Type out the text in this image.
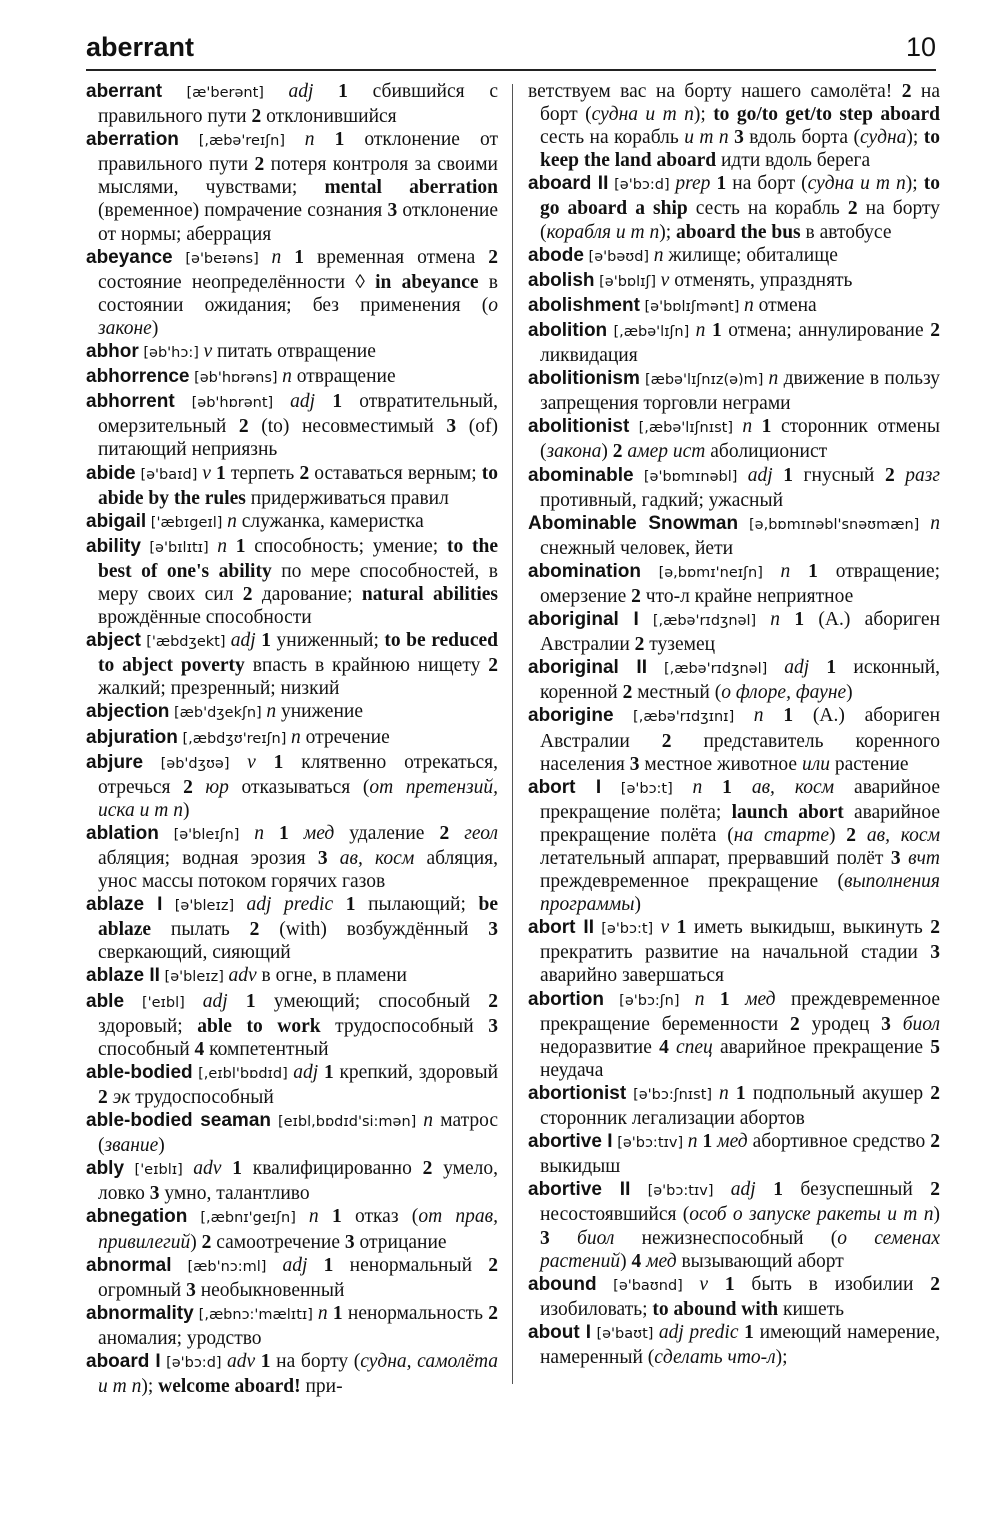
aberrant	10
aberrant [æ'berənt] adj 1 сбившийся с правильного пути 2 отклонившийся
aberration [,æbə'reɪʃn] n 1 отклонение от правильного пути 2 потеря контроля за своими мыслями, чувствами; mental aberration (временное) помрачение сознания 3 отклонение от нормы; аберрация
abeyance [ə'beɪəns] n 1 временная отмена 2 состояние неопределённости ◊ in abeyance в состоянии ожидания; без применения (о законе)
abhor [əb'hɔ:] v питать отвращение
abhorrence [əb'hɒrəns] n отвращение
abhorrent [əb'hɒrənt] adj 1 отвратительный, омерзительный 2 (to) несовместимый 3 (of) питающий неприязнь
abide [ə'baɪd] v 1 терпеть 2 оставаться верным; to abide by the rules придерживаться правил
abigail ['æbɪgeɪl] n служанка, камеристка
ability [ə'bɪlɪtɪ] n 1 способность; умение; to the best of one's ability по мере способностей, в меру своих сил 2 дарование; natural abilities врождённые способности
abject ['æbdʒekt] adj 1 униженный; to be reduced to abject poverty впасть в крайнюю нищету 2 жалкий; презренный; низкий
abjection [æb'dʒekʃn] n унижение
abjuration [,æbdʒʊ'reɪʃn] n отречение
abjure [əb'dʒʊə] v 1 клятвенно отрекаться, отречься 2 юр отказываться (от претензий, иска и т п)
ablation [ə'bleɪʃn] n 1 мед удаление 2 геол абляция; водная эрозия 3 ав, косм абляция, унос массы потоком горячих газов
ablaze I [ə'bleɪz] adj predic 1 пылающий; be ablaze пылать 2 (with) возбуждённый 3 сверкающий, сияющий
ablaze II [ə'bleɪz] adv в огне, в пламени
able ['eɪbl] adj 1 умеющий; способный 2 здоровый; able to work трудоспособный 3 способный 4 компетентный
able-bodied [,eɪbl'bɒdɪd] adj 1 крепкий, здоровый 2 эк трудоспособный
able-bodied seaman [eɪbl,bɒdɪd'si:mən] n матрос (звание)
ably ['eɪblɪ] adv 1 квалифицированно 2 умело, ловко 3 умно, талантливо
abnegation [,æbnɪ'geɪʃn] n 1 отказ (от прав, привилегий) 2 самоотречение 3 отрицание
abnormal [æb'nɔ:ml] adj 1 ненормальный 2 огромный 3 необыкновенный
abnormality [,æbnɔ:'mælɪtɪ] n 1 ненормальность 2 аномалия; уродство
aboard I [ə'bɔ:d] adv 1 на борту (судна, самолёта и т п); welcome aboard! при-
ветствуем вас на борту нашего самолёта! 2 на борт (судна и т п); to go/to get/to step aboard сесть на корабль и т п 3 вдоль борта (судна); to keep the land aboard идти вдоль берега
aboard II [ə'bɔ:d] prep 1 на борт (судна и т п); to go aboard a ship сесть на корабль 2 на борту (корабля и т п); aboard the bus в автобусе
abode [ə'bəʊd] n жилище; обиталище
abolish [ə'bɒlɪʃ] v отменять, упразднять
abolishment [ə'bɒlɪʃmənt] n отмена
abolition [,æbə'lɪʃn] n 1 отмена; аннулирование 2 ликвидация
abolitionism [æbə'lɪʃnɪz(ə)m] n движение в пользу запрещения торговли неграми
abolitionist [,æbə'lɪʃnɪst] n 1 сторонник отмены (закона) 2 амер ист аболиционист
abominable [ə'bɒmɪnəbl] adj 1 гнусный 2 разг противный, гадкий; ужасный
Abominable Snowman [ə,bɒmɪnəbl'snəʊmæn] n снежный человек, йети
abomination [ə,bɒmɪ'neɪʃn] n 1 отвращение; омерзение 2 что-л крайне неприятное
aboriginal I [,æbə'rɪdʒnəl] n 1 (А.) абориген Австралии 2 туземец
aboriginal II [,æbə'rɪdʒnəl] adj 1 исконный, коренной 2 местный (о флоре, фауне)
aborigine [,æbə'rɪdʒɪnɪ] n 1 (А.) абориген Австралии 2 представитель коренного населения 3 местное животное или растение
abort I [ə'bɔ:t] n 1 ав, косм аварийное прекращение полёта; launch abort аварийное прекращение полёта (на старте) 2 ав, косм летательный аппарат, прервавший полёт 3 вчт преждевременное прекращение (выполнения программы)
abort II [ə'bɔ:t] v 1 иметь выкидыш, выкинуть 2 прекратить развитие на начальной стадии 3 аварийно завершаться
abortion [ə'bɔ:ʃn] n 1 мед преждевременное прекращение беременности 2 уродец 3 биол недоразвитие 4 спец аварийное прекращение 5 неудача
abortionist [ə'bɔ:ʃnɪst] n 1 подпольный акушер 2 сторонник легализации абортов
abortive I [ə'bɔ:tɪv] n 1 мед абортивное средство 2 выкидыш
abortive II [ə'bɔ:tɪv] adj 1 безуспешный 2 несостоявшийся (особ о запуске ракеты и т п) 3 биол нежизнеспособный (о семенах растений) 4 мед вызывающий аборт
abound [ə'baʊnd] v 1 быть в изобилии 2 изобиловать; to abound with кишеть
about I [ə'baʊt] adj predic 1 имеющий намерение, намеренный (сделать что-л);
